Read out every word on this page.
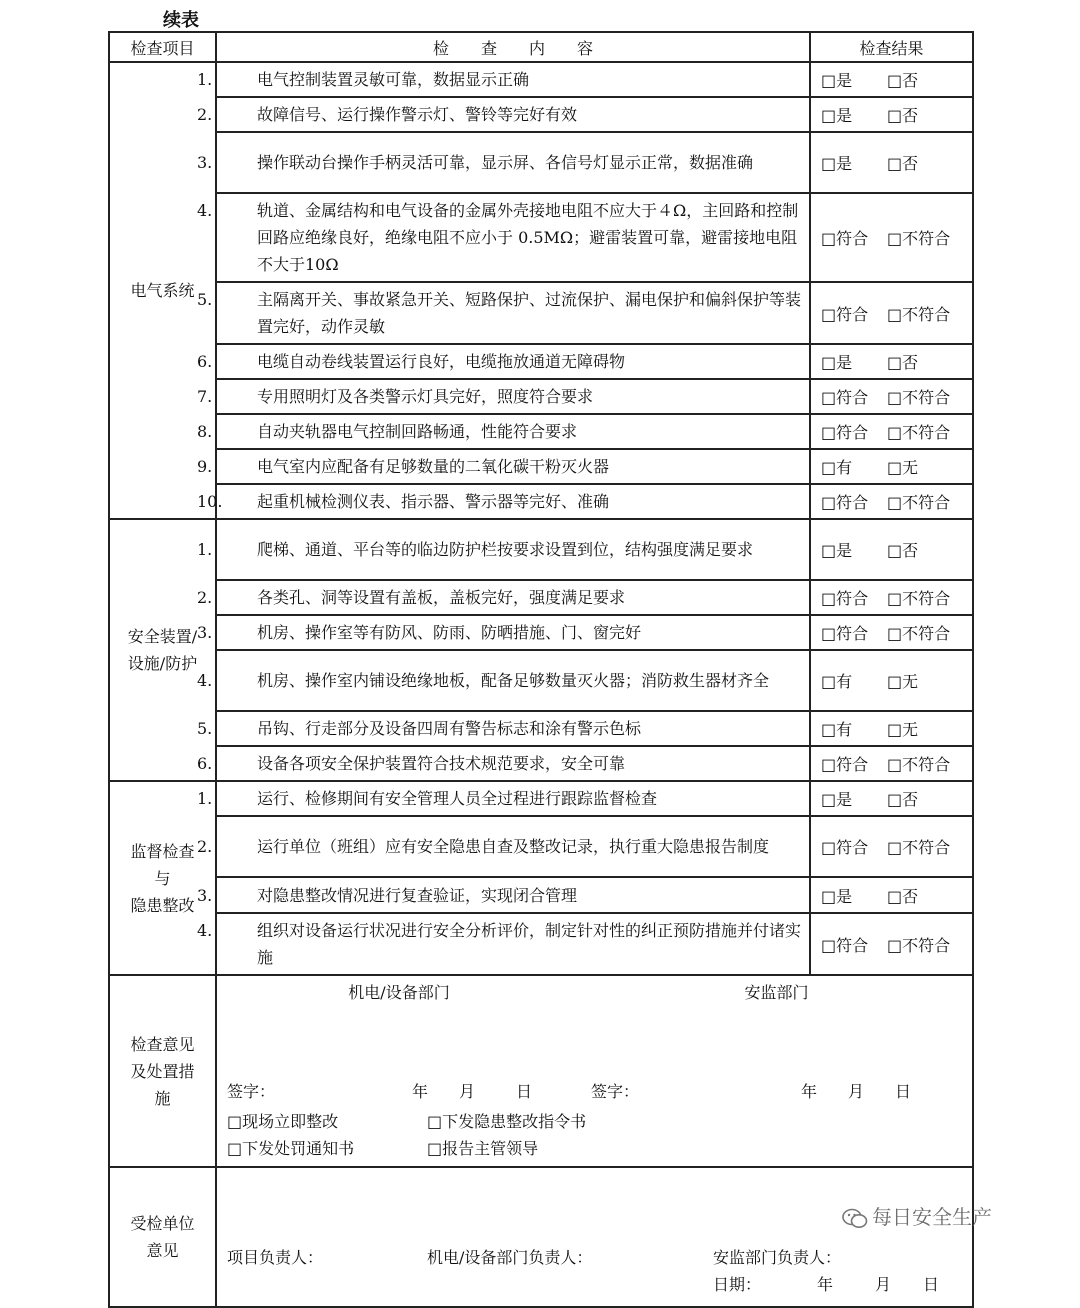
续表
检查项目	检　　查　　内　　容	检查结果

电气系统
	1.	电气控制装置灵敏可靠，数据显示正确	□是 □否
2.	故障信号、运行操作警示灯、警铃等完好有效	□是 □否
3.	操作联动台操作手柄灵活可靠，显示屏、各信号灯显示正常，数据准确	□是 □否
4.	轨道、金属结构和电气设备的金属外壳接地电阻不应大于４Ω，主回路和控制回路应绝缘良好，绝缘电阻不应小于 0.5MΩ；避雷装置可靠，避雷接地电阻不大于10Ω	□符合 □不符合
5.	主隔离开关、事故紧急开关、短路保护、过流保护、漏电保护和偏斜保护等装置完好，动作灵敏	□符合 □不符合
6.	电缆自动卷线装置运行良好，电缆拖放通道无障碍物	□是 □否
7.	专用照明灯及各类警示灯具完好，照度符合要求	□符合 □不符合
8.	自动夹轨器电气控制回路畅通，性能符合要求	□符合 □不符合
9.	电气室内应配备有足够数量的二氧化碳干粉灭火器	□有 □无
10. 起重机械检测仪表、指示器、警示器等完好、准确	□符合 □不符合

安全装置/
设施/防护
	1.	爬梯、通道、平台等的临边防护栏按要求设置到位，结构强度满足要求	□是 □否
2.	各类孔、洞等设置有盖板，盖板完好，强度满足要求	□符合 □不符合
3.	机房、操作室等有防风、防雨、防晒措施、门、窗完好	□符合 □不符合
4.	机房、操作室内铺设绝缘地板，配备足够数量灭火器；消防救生器材齐全	□有 □无
5.	吊钩、行走部分及设备四周有警告标志和涂有警示色标	□有 □无
6.	设备各项安全保护装置符合技术规范要求，安全可靠	□符合 □不符合

监督检查
与
隐患整改
	1.	运行、检修期间有安全管理人员全过程进行跟踪监督检查	□是 □否
2.	运行单位（班组）应有安全隐患自查及整改记录，执行重大隐患报告制度	□符合 □不符合
3.	对隐患整改情况进行复查验证，实现闭合管理	□是 □否
4.	组织对设备运行状况进行安全分析评价，制定针对性的纠正预防措施并付诸实施	□符合 □不符合

检查意见
及处置措
施

机电/设备部门	安监部门

签字：	年 月	日	签字：	年 月 日
□现场立即整改	□下发隐患整改指令书
□下发处罚通知书	□报告主管领导

受检单位
意见	项目负责人：	机电/设备部门负责人：	安监部门负责人：
日期：	年	月 日
每日安全生产
